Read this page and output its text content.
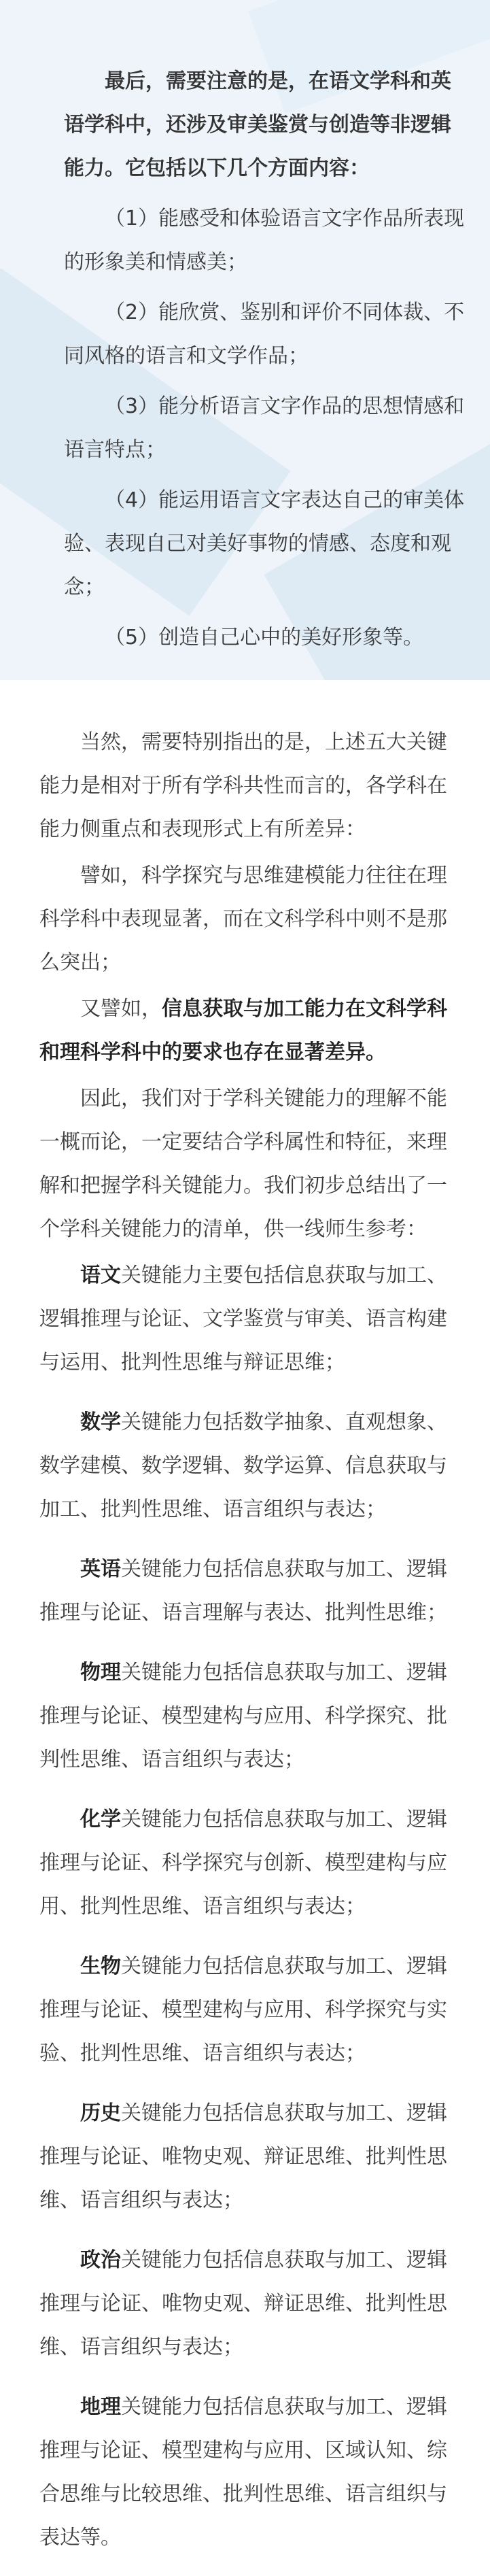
最后，需要注意的是，在语文学科和英语学科中，还涉及审美鉴赏与创造等非逻辑能力。它包括以下几个方面内容：

（1）能感受和体验语言文字作品所表现的形象美和情感美；

（2）能欣赏、鉴别和评价不同体裁、不同风格的语言和文学作品；

（3）能分析语言文字作品的思想情感和语言特点；

（4）能运用语言文字表达自己的审美体验、表现自己对美好事物的情感、态度和观念；

（5）创造自己心中的美好形象等。

当然，需要特别指出的是，上述五大关键能力是相对于所有学科共性而言的，各学科在能力侧重点和表现形式上有所差异：

譬如，科学探究与思维建模能力往往在理科学科中表现显著，而在文科学科中则不是那么突出；

又譬如，信息获取与加工能力在文科学科和理科学科中的要求也存在显著差异。

因此，我们对于学科关键能力的理解不能一概而论，一定要结合学科属性和特征，来理解和把握学科关键能力。我们初步总结出了一个学科关键能力的清单，供一线师生参考：

语文关键能力主要包括信息获取与加工、逻辑推理与论证、文学鉴赏与审美、语言构建与运用、批判性思维与辩证思维；

数学关键能力包括数学抽象、直观想象、数学建模、数学逻辑、数学运算、信息获取与加工、批判性思维、语言组织与表达；

英语关键能力包括信息获取与加工、逻辑推理与论证、语言理解与表达、批判性思维；

物理关键能力包括信息获取与加工、逻辑推理与论证、模型建构与应用、科学探究、批判性思维、语言组织与表达；

化学关键能力包括信息获取与加工、逻辑推理与论证、科学探究与创新、模型建构与应用、批判性思维、语言组织与表达；

生物关键能力包括信息获取与加工、逻辑推理与论证、模型建构与应用、科学探究与实验、批判性思维、语言组织与表达；

历史关键能力包括信息获取与加工、逻辑推理与论证、唯物史观、辩证思维、批判性思维、语言组织与表达；

政治关键能力包括信息获取与加工、逻辑推理与论证、唯物史观、辩证思维、批判性思维、语言组织与表达；

地理关键能力包括信息获取与加工、逻辑推理与论证、模型建构与应用、区域认知、综合思维与比较思维、批判性思维、语言组织与表达等。
